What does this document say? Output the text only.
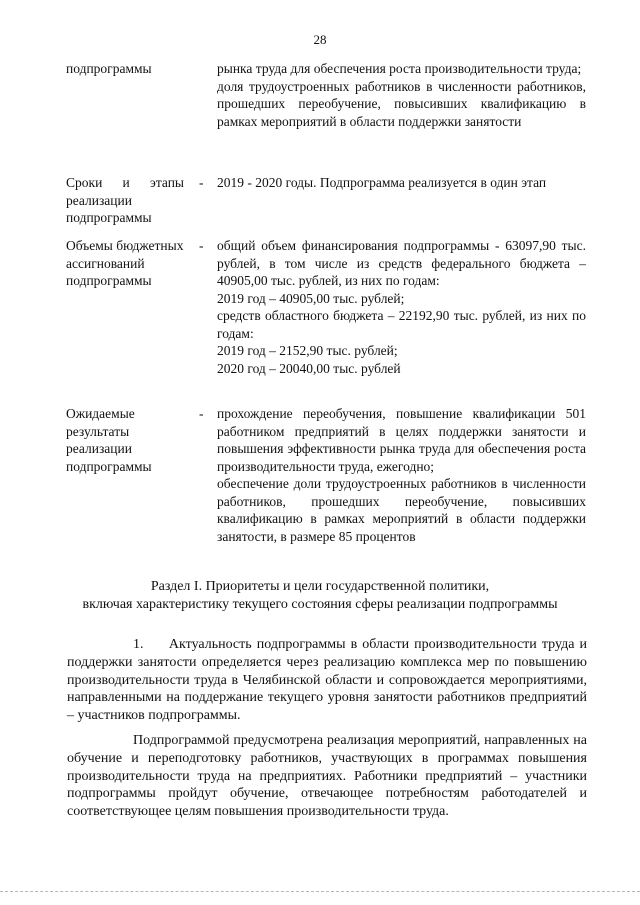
28
подпрограммы	рынка труда для обеспечения роста производительности труда;

доля трудоустроенных работников в численности работников, прошедших переобучение, повысивших квалификацию в рамках мероприятий в области поддержки занятости

Сроки и этапы реализации подпрограммы
- 2019 - 2020 годы. Подпрограмма реализуется в один этап

Объемы бюджетных ассигнований подпрограммы
- общий объем финансирования подпрограммы - 63097,90 тыс. рублей, в том числе из средств федерального бюджета – 40905,00 тыс. рублей, из них по годам:

2019 год – 40905,00 тыс. рублей;

средств областного бюджета – 22192,90 тыс. рублей, из них по годам:

2019 год – 2152,90 тыс. рублей;

2020 год – 20040,00 тыс. рублей

Ожидаемые результаты реализации подпрограммы
- прохождение переобучения, повышение квалификации 501 работником предприятий в целях поддержки занятости и повышения эффективности рынка труда для обеспечения роста производительности труда, ежегодно;

обеспечение доли трудоустроенных работников в численности работников, прошедших переобучение, повысивших квалификацию в рамках мероприятий в области поддержки занятости, в размере 85 процентов

Раздел I. Приоритеты и цели государственной политики,
включая характеристику текущего состояния сферы реализации подпрограммы

1.     Актуальность подпрограммы в области производительности труда и поддержки занятости определяется через реализацию комплекса мер по повышению производительности труда в Челябинской области и сопровождается мероприятиями, направленными на поддержание текущего уровня занятости работников предприятий – участников подпрограммы.

Подпрограммой предусмотрена реализация мероприятий, направленных на обучение и переподготовку работников, участвующих в программах повышения производительности труда на предприятиях. Работники предприятий – участники подпрограммы пройдут обучение, отвечающее потребностям работодателей и соответствующее целям повышения производительности труда.
